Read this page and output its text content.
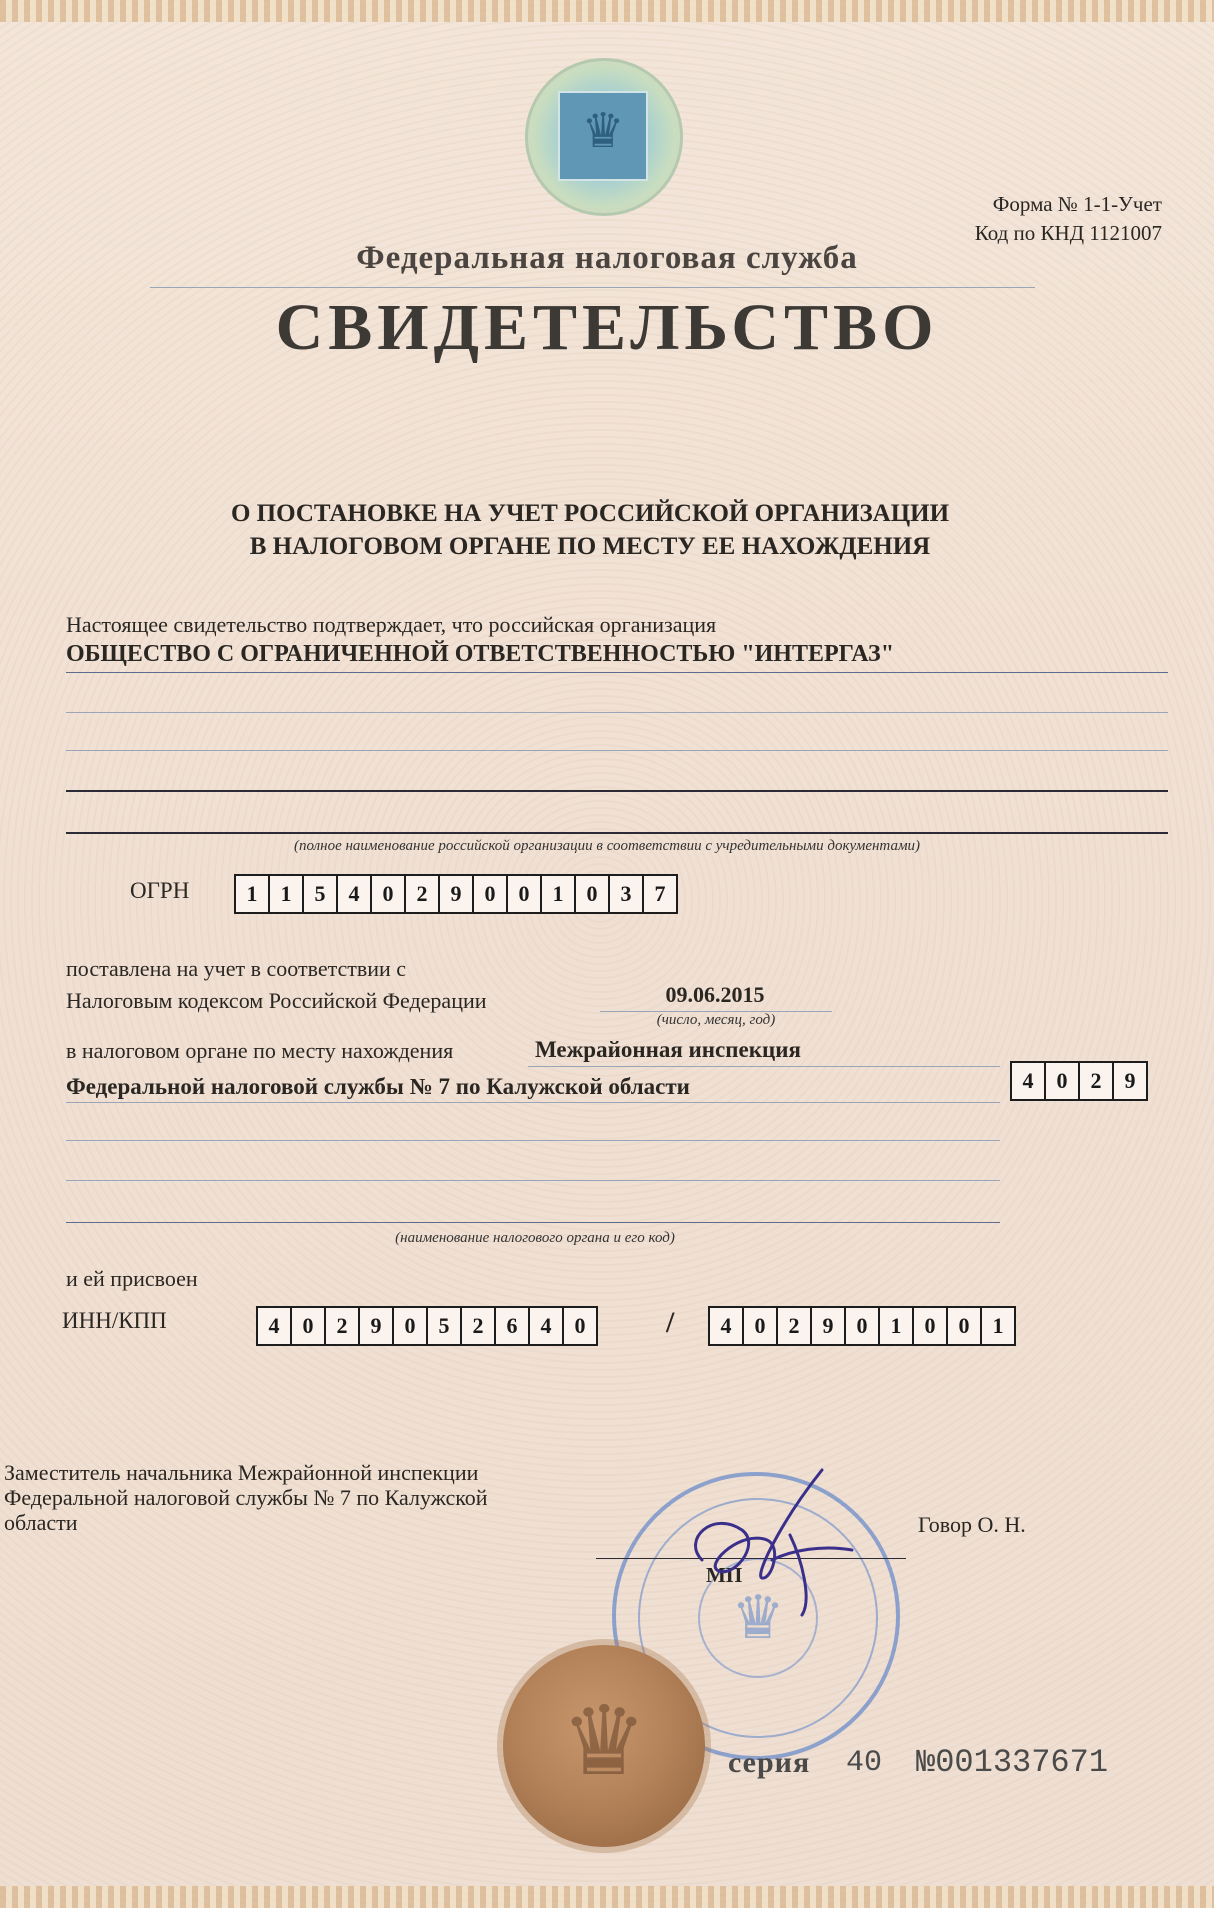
♛
Форма № 1-1-Учет
Код по КНД 1121007
Федеральная налоговая служба
СВИДЕТЕЛЬСТВО
О ПОСТАНОВКЕ НА УЧЕТ РОССИЙСКОЙ ОРГАНИЗАЦИИ
В НАЛОГОВОМ ОРГАНЕ ПО МЕСТУ ЕЕ НАХОЖДЕНИЯ
Настоящее свидетельство подтверждает, что российская организация
ОБЩЕСТВО С ОГРАНИЧЕННОЙ ОТВЕТСТВЕННОСТЬЮ "ИНТЕРГАЗ"
(полное наименование российской организации в соответствии с учредительными документами)
ОГРН	1	1	5	4	0	2	9	0	0	1	0	3	7
поставлена на учет в соответствии с
Налоговым кодексом Российской Федерации	09.06.2015
(число, месяц, год)
в налоговом органе по месту нахождения	Межрайонная инспекция
Федеральной налоговой службы № 7 по Калужской области	4	0	2	9
(наименование налогового органа и его код)
и ей присвоен
ИНН/КПП	4	0	2	9	0	5	2	6	4	0	/	4	0	2	9	0	1	0	0	1
Заместитель начальника Межрайонной инспекции
Федеральной налоговой службы № 7 по Калужской
области
♛
Говор О. Н.
МП
♛	серия 40 №001337671
